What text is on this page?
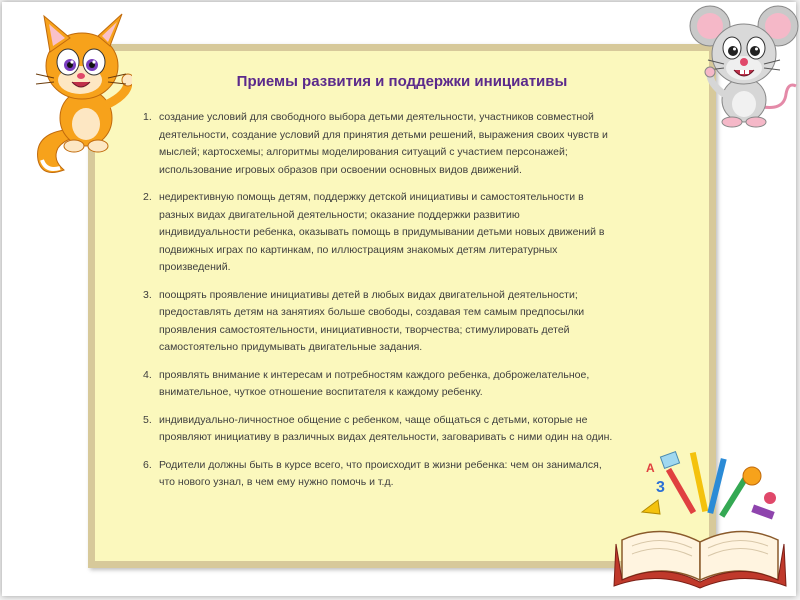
Приемы развития и поддержки инициативы
1. создание условий для свободного выбора детьми деятельности, участников совместной деятельности, создание условий для принятия детьми решений, выражения своих чувств и мыслей; картосхемы; алгоритмы моделирования ситуаций с участием персонажей; использование игровых образов при освоении основных видов движений.
2. недирективную помощь детям, поддержку детской инициативы и самостоятельности в разных видах двигательной деятельности; оказание поддержки развитию индивидуальности ребенка, оказывать помощь в придумывании детьми новых движений в подвижных играх по картинкам, по иллюстрациям знакомых детям литературных произведений.
3. поощрять проявление инициативы детей в любых видах двигательной деятельности; предоставлять детям на занятиях больше свободы, создавая тем самым предпосылки проявления самостоятельности, инициативности, творчества; стимулировать детей самостоятельно придумывать двигательные задания.
4. проявлять внимание к интересам и потребностям каждого ребенка, доброжелательное, внимательное, чуткое отношение воспитателя к каждому ребенку.
5. индивидуально-личностное общение с ребенком, чаще общаться с детьми, которые не проявляют инициативу в различных видах деятельности, заговаривать с ними один на один.
6. Родители должны быть в курсе всего, что происходит в жизни ребенка: чем он занимался, что нового узнал, в чем ему нужно помочь и т.д.	3
A
